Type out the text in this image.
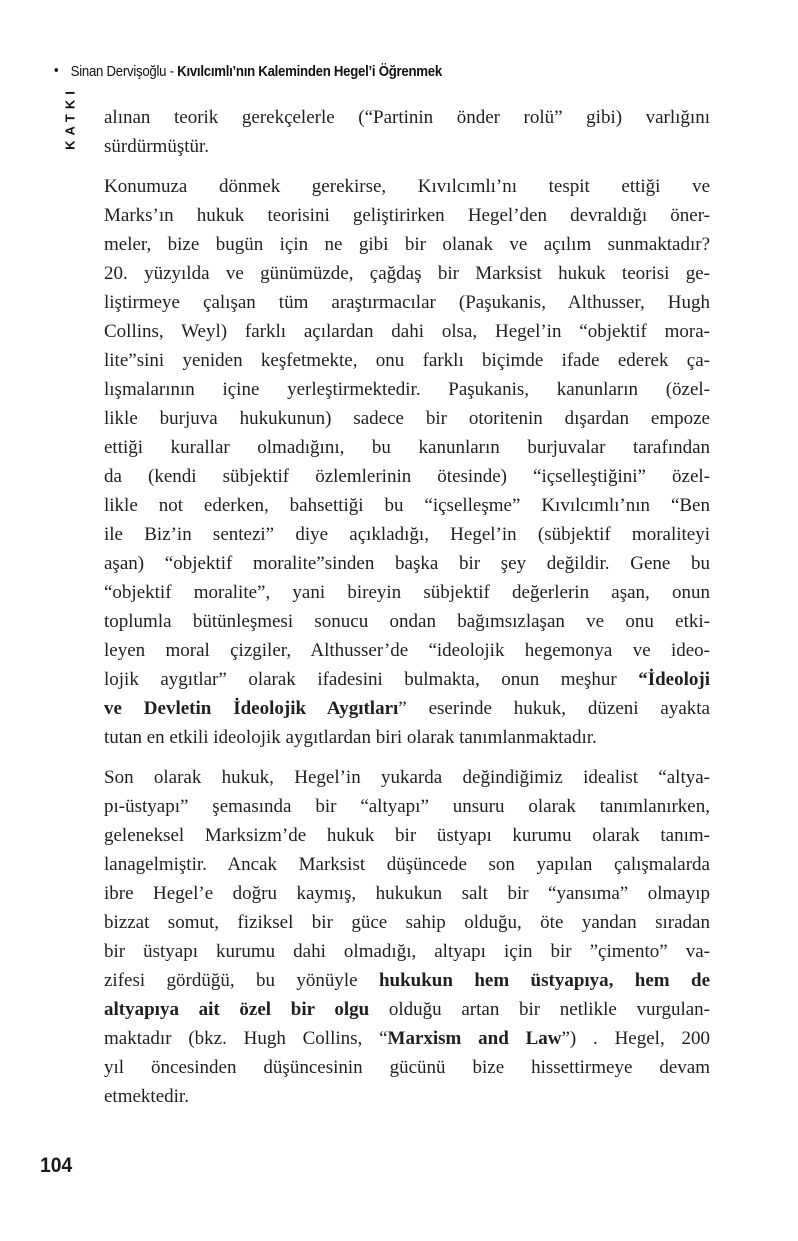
• Sinan Dervişoğlu - Kıvılcımlı’nın Kaleminden Hegel’i Öğrenmek
KATKI alınan teorik gerekçelerle (“Partinin önder rolü” gibi) varlığını
sürdürmüştür.
Konumuza dönmek gerekirse, Kıvılcımlı’nı tespit ettiği ve
Marks’ın hukuk teorisini geliştirirken Hegel’den devraldığı öner-
meler, bize bugün için ne gibi bir olanak ve açılım sunmaktadır?
20. yüzyılda ve günümüzde, çağdaş bir Marksist hukuk teorisi ge-
liştirmeye çalışan tüm araştırmacılar (Paşukanis, Althusser, Hugh
Collins, Weyl) farklı açılardan dahi olsa, Hegel’in “objektif mora-
lite”sini yeniden keşfetmekte, onu farklı biçimde ifade ederek ça-
lışmalarının içine yerleştirmektedir. Paşukanis, kanunların (özel-
likle burjuva hukukunun) sadece bir otoritenin dışardan empoze
ettiği kurallar olmadığını, bu kanunların burjuvalar tarafından
da (kendi sübjektif özlemlerinin ötesinde) “içselleştiğini” özel-
likle not ederken, bahsettiği bu “içselleşme” Kıvılcımlı’nın “Ben
ile Biz’in sentezi” diye açıkladığı, Hegel’in (sübjektif moraliteyi
aşan) “objektif moralite”sinden başka bir şey değildir. Gene bu
“objektif moralite”, yani bireyin sübjektif değerlerin aşan, onun
toplumla bütünleşmesi sonucu ondan bağımsızlaşan ve onu etki-
leyen moral çizgiler, Althusser’de “ideolojik hegemonya ve ideo-
lojik aygıtlar” olarak ifadesini bulmakta, onun meşhur “İdeoloji
ve Devletin İdeolojik Aygıtları” eserinde hukuk, düzeni ayakta
tutan en etkili ideolojik aygıtlardan biri olarak tanımlanmaktadır.
Son olarak hukuk, Hegel’in yukarda değindiğimiz idealist “altya-
pı-üstyapı” şemasında bir “altyapı” unsuru olarak tanımlanırken,
geleneksel Marksizm’de hukuk bir üstyapı kurumu olarak tanım-
lanagelmiştir. Ancak Marksist düşüncede son yapılan çalışmalarda
ibre Hegel’e doğru kaymış, hukukun salt bir “yansıma” olmayıp
bizzat somut, fiziksel bir güce sahip olduğu, öte yandan sıradan
bir üstyapı kurumu dahi olmadığı, altyapı için bir ”çimento” va-
zifesi gördüğü, bu yönüyle hukukun hem üstyapıya, hem de
altyapıya ait özel bir olgu olduğu artan bir netlikle vurgulan-
maktadır (bkz. Hugh Collins, “Marxism and Law”) . Hegel, 200
yıl öncesinden düşüncesinin gücünü bize hissettirmeye devam
etmektedir.
104
